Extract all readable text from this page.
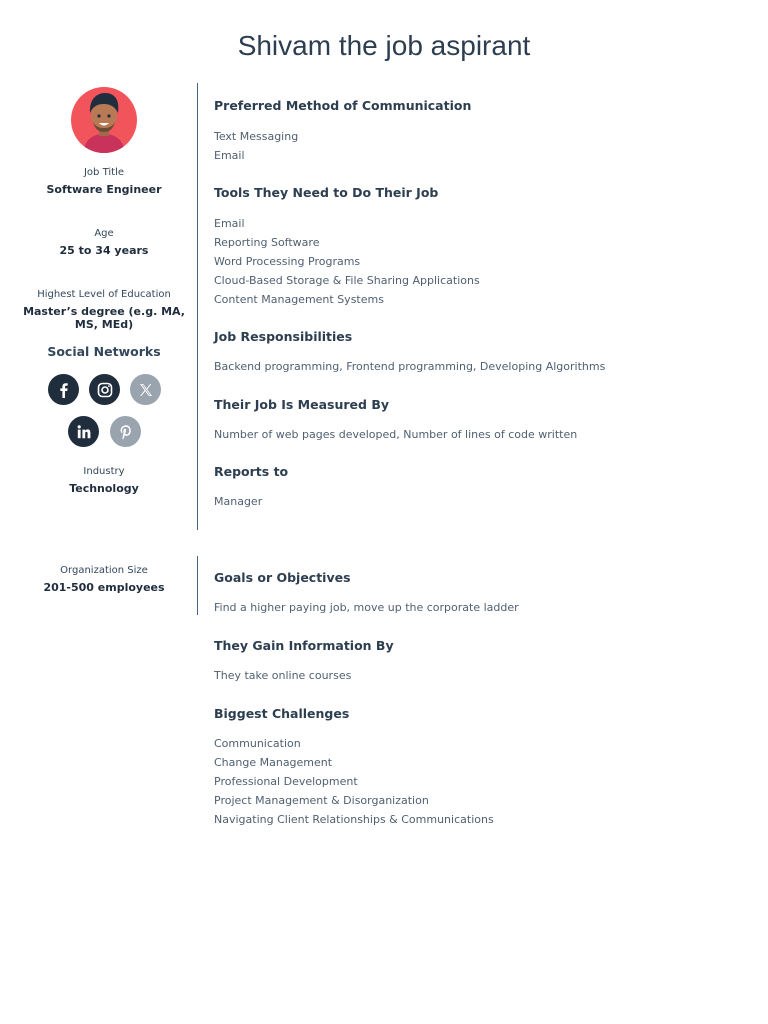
Shivam the job aspirant

Job Title

Software Engineer

Age

25 to 34 years

Highest Level of Education

Master’s degree (e.g. MA,
MS, MEd)

Social Networks

Industry

Technology

Organization Size

201-500 employees

Preferred Method of Communication
Text Messaging
Email
Tools They Need to Do Their Job
Email
Reporting Software
Word Processing Programs
Cloud-Based Storage & File Sharing Applications
Content Management Systems
Job Responsibilities
Backend programming, Frontend programming, Developing Algorithms
Their Job Is Measured By
Number of web pages developed, Number of lines of code written
Reports to
Manager
Goals or Objectives
Find a higher paying job, move up the corporate ladder
They Gain Information By
They take online courses
Biggest Challenges
Communication
Change Management
Professional Development
Project Management & Disorganization
Navigating Client Relationships & Communications
